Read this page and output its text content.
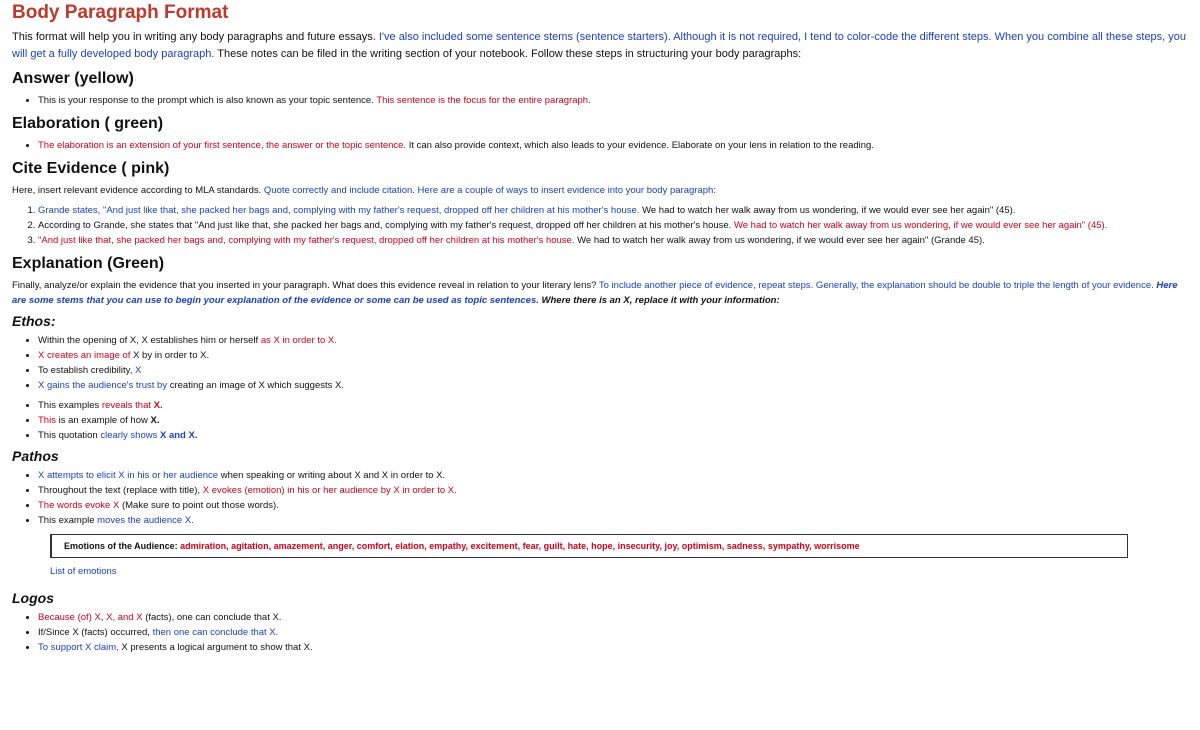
Body Paragraph Format

This format will help you in writing any body paragraphs and future essays. I've also included some sentence stems (sentence starters). Although it is not required, I tend to color-code the different steps. When you combine all these steps, you will get a fully developed body paragraph. These notes can be filed in the writing section of your notebook. Follow these steps in structuring your body paragraphs:

Answer (yellow)
• This is your response to the prompt which is also known as your topic sentence. This sentence is the focus for the entire paragraph.
Elaboration ( green)
• The elaboration is an extension of your first sentence, the answer or the topic sentence. It can also provide context, which also leads to your evidence. Elaborate on your lens in relation to the reading.
Cite Evidence ( pink)

Here, insert relevant evidence according to MLA standards. Quote correctly and include citation. Here are a couple of ways to insert evidence into your body paragraph:

1. Grande states, "And just like that, she packed her bags and, complying with my father's request, dropped off her children at his mother's house. We had to watch her walk away from us wondering, if we would ever see her again" (45).
2. According to Grande, she states that "And just like that, she packed her bags and, complying with my father's request, dropped off her children at his mother's house. We had to watch her walk away from us wondering, if we would ever see her again" (45).
3. "And just like that, she packed her bags and, complying with my father's request, dropped off her children at his mother's house. We had to watch her walk away from us wondering, if we would ever see her again" (Grande 45).
Explanation (Green)

Finally, analyze/or explain the evidence that you inserted in your paragraph. What does this evidence reveal in relation to your literary lens? To include another piece of evidence, repeat steps. Generally, the explanation should be double to triple the length of your evidence. Here are some stems that you can use to begin your explanation of the evidence or some can be used as topic sentences. Where there is an X, replace it with your information:

Ethos:
• Within the opening of X, X establishes him or herself as X in order to X.
• X creates an image of X by in order to X.
• To establish credibility, X
• X gains the audience's trust by creating an image of X which suggests X.
• This examples reveals that X.
• This is an example of how X.
• This quotation clearly shows X and X.
Pathos
• X attempts to elicit X in his or her audience when speaking or writing about X and X in order to X.
• Throughout the text (replace with title), X evokes (emotion) in his or her audience by X in order to X.
• The words evoke X (Make sure to point out those words).
• This example moves the audience X.
Emotions of the Audience: admiration, agitation, amazement, anger, comfort, elation, empathy, excitement, fear, guilt, hate, hope, insecurity, joy, optimism, sadness, sympathy, worrisome
List of emotions
Logos
• Because (of) X, X, and X (facts), one can conclude that X.
• If/Since X (facts) occurred, then one can conclude that X.
• To support X claim, X presents a logical argument to show that X.
